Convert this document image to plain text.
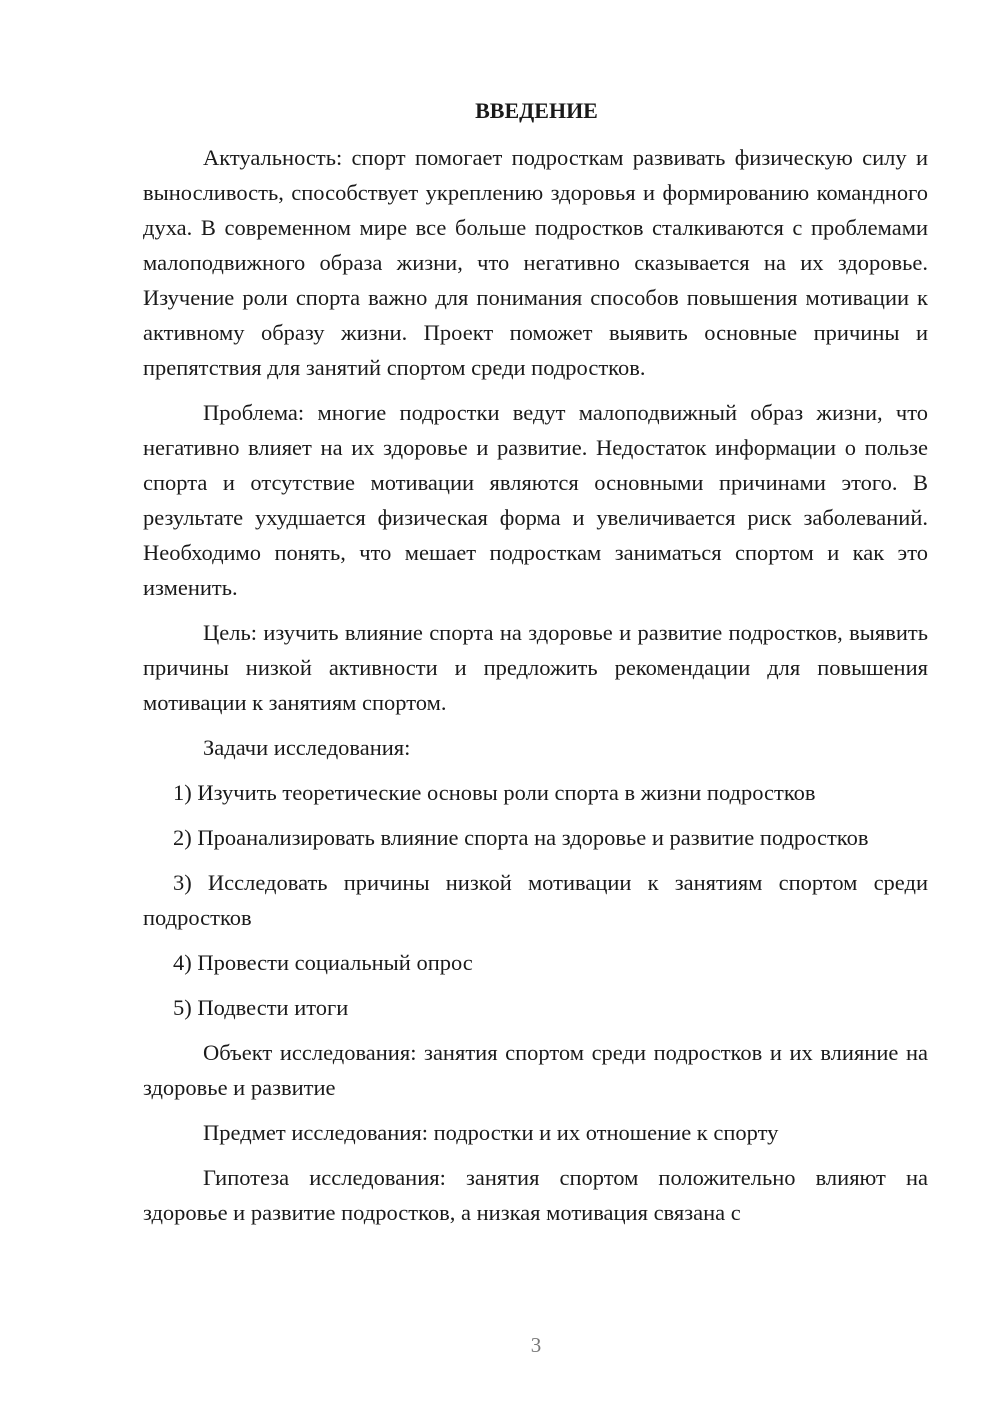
ВВЕДЕНИЕ

Актуальность: спорт помогает подросткам развивать физическую силу и выносливость, способствует укреплению здоровья и формированию командного духа. В современном мире все больше подростков сталкиваются с проблемами малоподвижного образа жизни, что негативно сказывается на их здоровье. Изучение роли спорта важно для понимания способов повышения мотивации к активному образу жизни. Проект поможет выявить основные причины и препятствия для занятий спортом среди подростков.

Проблема: многие подростки ведут малоподвижный образ жизни, что негативно влияет на их здоровье и развитие. Недостаток информации о пользе спорта и отсутствие мотивации являются основными причинами этого. В результате ухудшается физическая форма и увеличивается риск заболеваний. Необходимо понять, что мешает подросткам заниматься спортом и как это изменить.

Цель: изучить влияние спорта на здоровье и развитие подростков, выявить причины низкой активности и предложить рекомендации для повышения мотивации к занятиям спортом.

Задачи исследования:

1) Изучить теоретические основы роли спорта в жизни подростков

2) Проанализировать влияние спорта на здоровье и развитие подростков

3) Исследовать причины низкой мотивации к занятиям спортом среди подростков

4) Провести социальный опрос

5) Подвести итоги

Объект исследования: занятия спортом среди подростков и их влияние на здоровье и развитие

Предмет исследования: подростки и их отношение к спорту

Гипотеза исследования: занятия спортом положительно влияют на здоровье и развитие подростков, а низкая мотивация связана с

3
